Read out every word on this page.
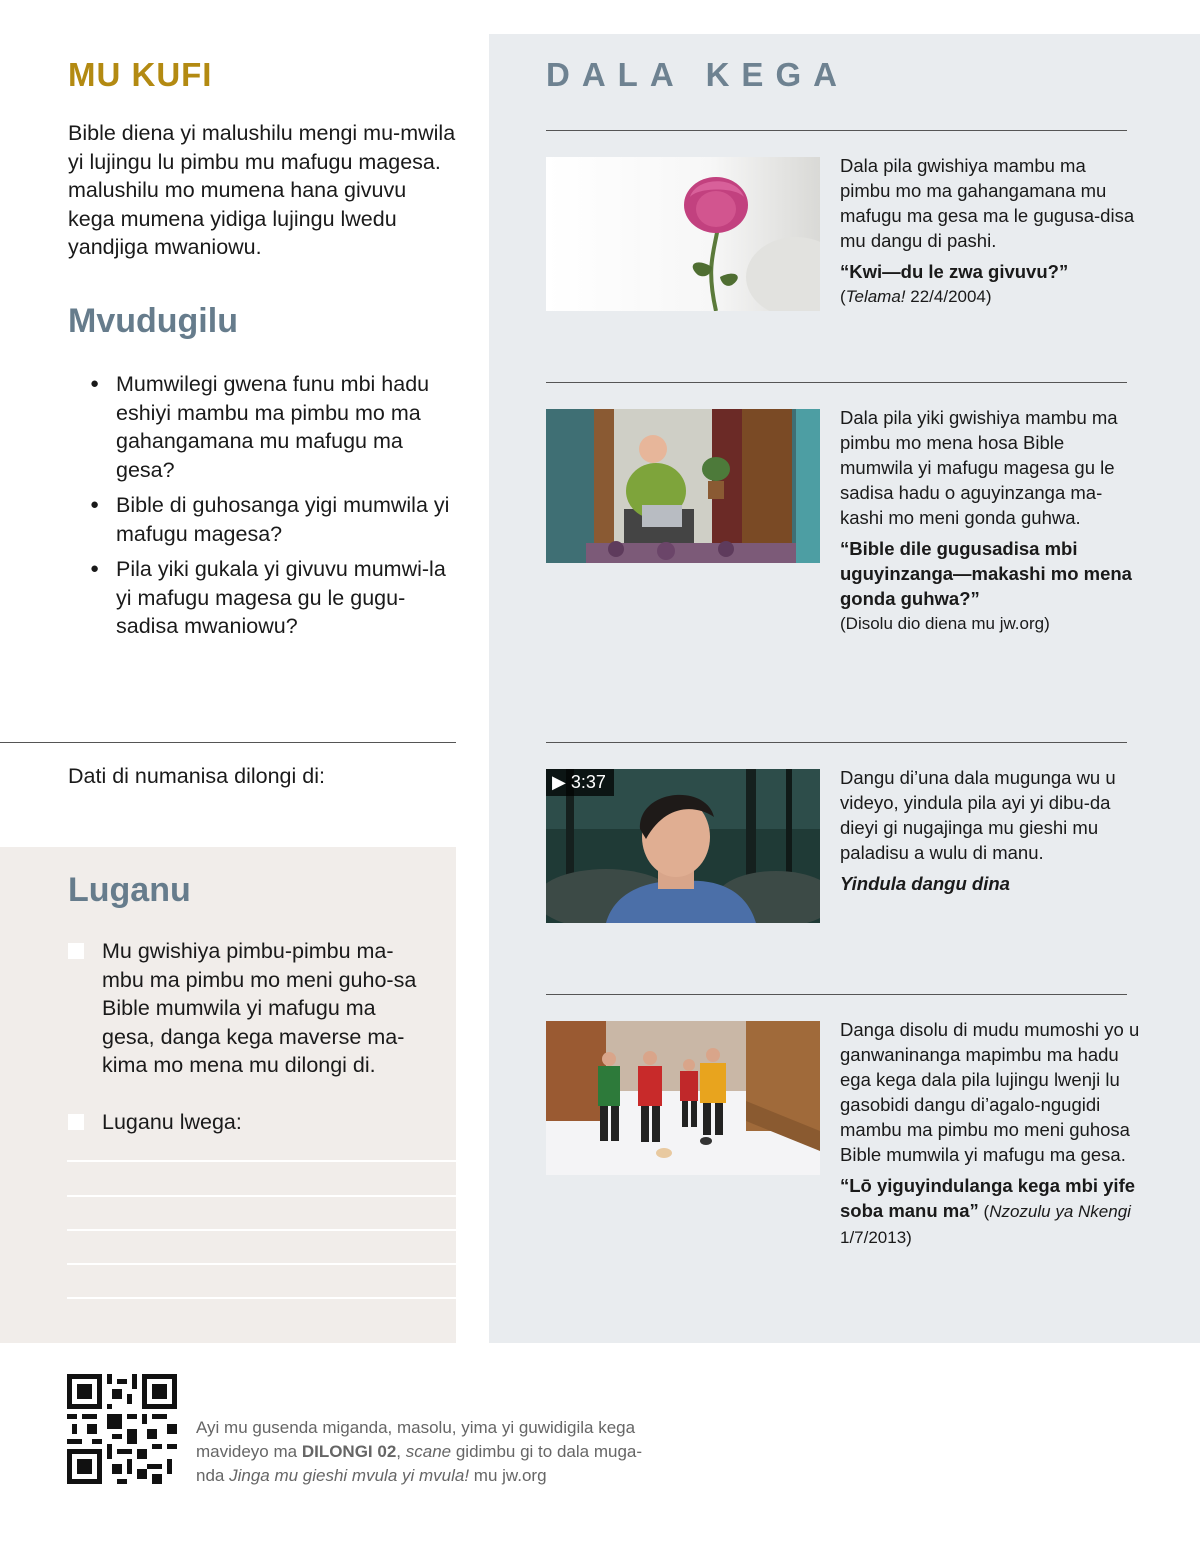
MU KUFI
Bible diena yi malushilu mengi mu-mwila yi lujingu lu pimbu mu mafugu magesa. malushilu mo mumena hana givuvu kega mumena yidiga lujingu lwedu yandjiga mwaniowu.
Mvudugilu
● Mumwilegi gwena funu mbi hadu eshiyi mambu ma pimbu mo ma gahangamana mu mafugu ma gesa?
● Bible di guhosanga yigi mumwila yi mafugu magesa?
● Pila yiki gukala yi givuvu mumwi-la yi mafugu magesa gu le gugu-sadisa mwaniowu?
Dati di numanisa dilongi di:
Luganu
Mu gwishiya pimbu-pimbu ma-mbu ma pimbu mo meni guho-sa Bible mumwila yi mafugu ma gesa, danga kega maverse ma-kima mo mena mu dilongi di.
Luganu lwega:
DALA KEGA
Dala pila gwishiya mambu ma pimbu mo ma gahangamana mu mafugu ma gesa ma le gugusa-disa mu dangu di pashi.
“Kwi—du le zwa givuvu?”
(Telama! 22/4/2004)
Dala pila yiki gwishiya mambu ma pimbu mo mena hosa Bible mumwila yi mafugu magesa gu le sadisa hadu o aguyinzanga ma-kashi mo meni gonda guhwa.
“Bible dile gugusadisa mbi uguyinzanga—makashi mo mena gonda guhwa?”
(Disolu dio diena mu jw.org)
▶ 3:37	Dangu di’una dala mugunga wu u videyo, yindula pila ayi yi dibu-da dieyi gi nugajinga mu gieshi mu paladisu a wulu di manu.
Yindula dangu dina
Danga disolu di mudu mumoshi yo u ganwaninanga mapimbu ma hadu ega kega dala pila lujingu lwenji lu gasobidi dangu di’agalo-ngugidi mambu ma pimbu mo meni guhosa Bible mumwila yi mafugu ma gesa.
“Lō yiguyindulanga kega mbi yife soba manu ma” (Nzozulu ya Nkengi 1/7/2013)
Ayi mu gusenda miganda, masolu, yima yi guwidigila kega
mavideyo ma DILONGI 02, scane gidimbu gi to dala muga-
nda Jinga mu gieshi mvula yi mvula! mu jw.org
